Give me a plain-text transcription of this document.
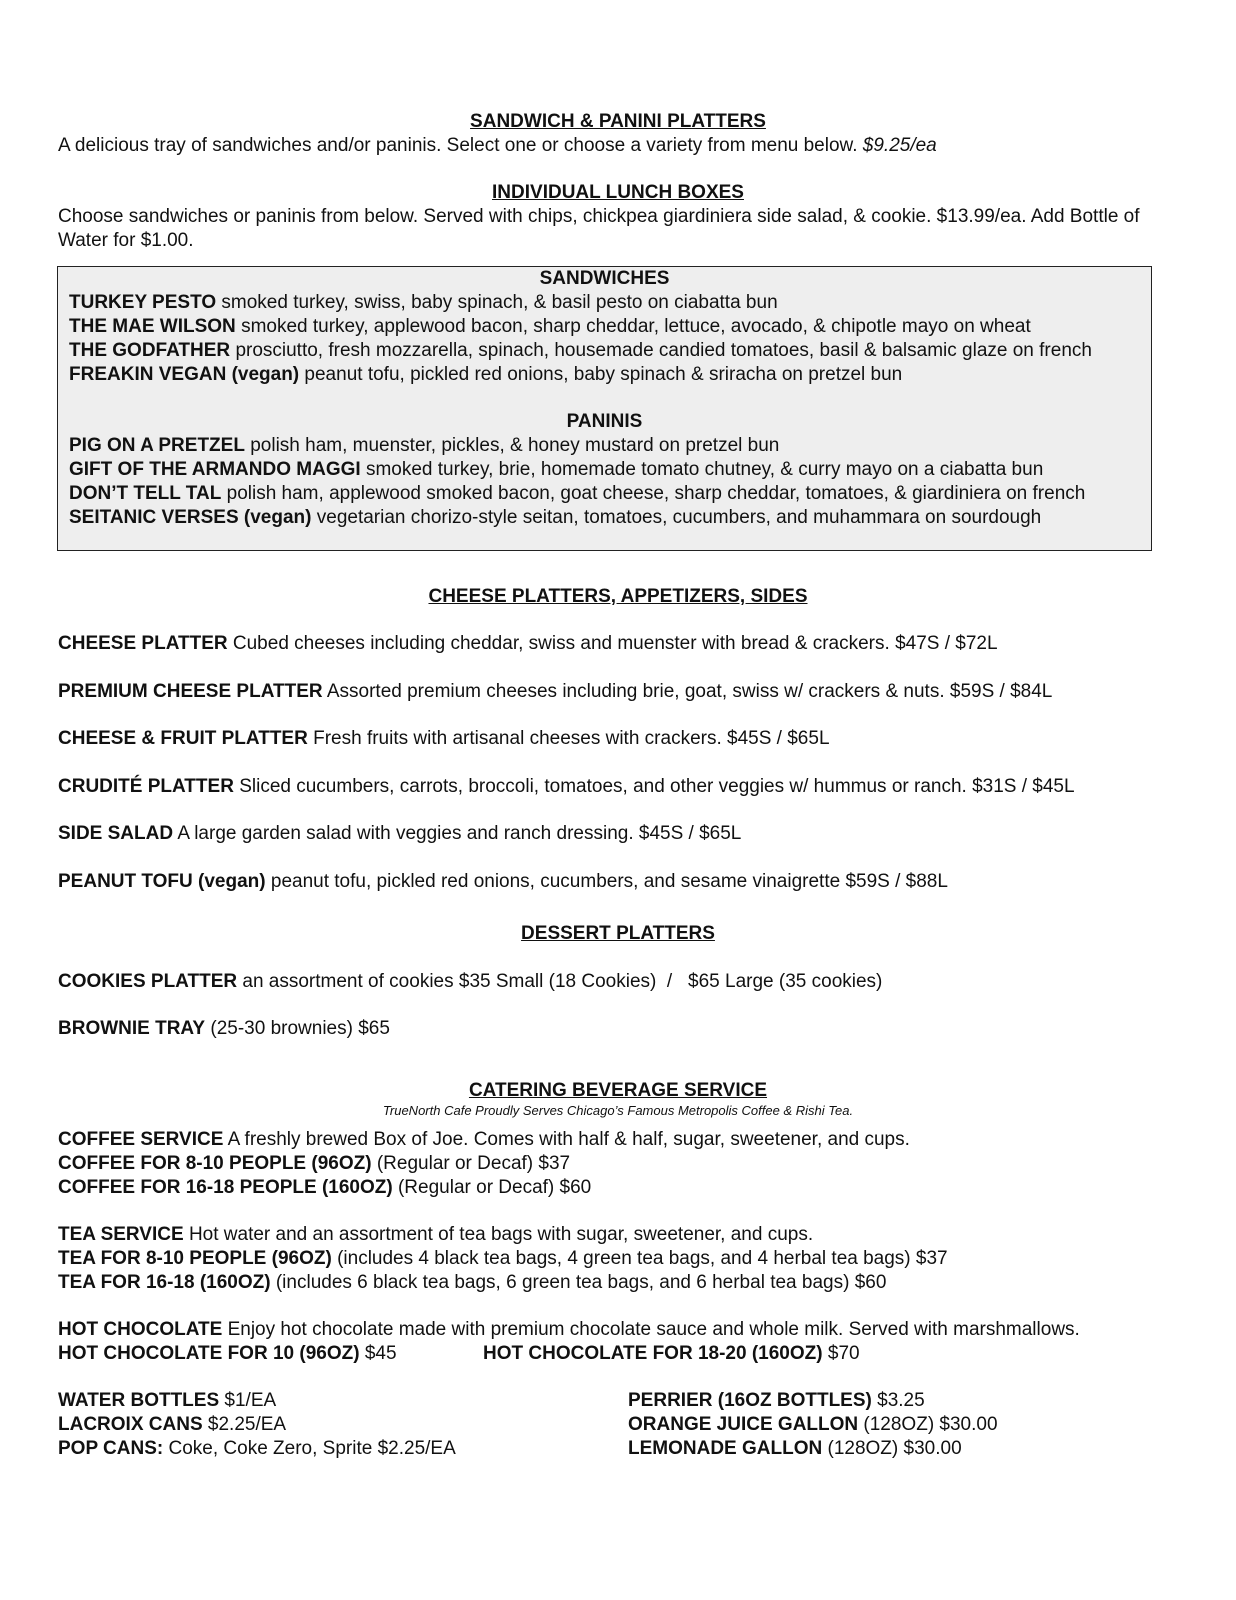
SANDWICH & PANINI PLATTERS
A delicious tray of sandwiches and/or paninis. Select one or choose a variety from menu below. $9.25/ea
INDIVIDUAL LUNCH BOXES
Choose sandwiches or paninis from below. Served with chips, chickpea giardiniera side salad, & cookie. $13.99/ea. Add Bottle of Water for $1.00.
SANDWICHES
TURKEY PESTO smoked turkey, swiss, baby spinach, & basil pesto on ciabatta bun
THE MAE WILSON smoked turkey, applewood bacon, sharp cheddar, lettuce, avocado, & chipotle mayo on wheat
THE GODFATHER prosciutto, fresh mozzarella, spinach, housemade candied tomatoes, basil & balsamic glaze on french
FREAKIN VEGAN (vegan) peanut tofu, pickled red onions, baby spinach & sriracha on pretzel bun
PANINIS
PIG ON A PRETZEL polish ham, muenster, pickles, & honey mustard on pretzel bun
GIFT OF THE ARMANDO MAGGI smoked turkey, brie, homemade tomato chutney, & curry mayo on a ciabatta bun
DON’T TELL TAL polish ham, applewood smoked bacon, goat cheese, sharp cheddar, tomatoes, & giardiniera on french
SEITANIC VERSES (vegan) vegetarian chorizo-style seitan, tomatoes, cucumbers, and muhammara on sourdough
CHEESE PLATTERS, APPETIZERS, SIDES
CHEESE PLATTER Cubed cheeses including cheddar, swiss and muenster with bread & crackers. $47S / $72L
PREMIUM CHEESE PLATTER Assorted premium cheeses including brie, goat, swiss w/ crackers & nuts. $59S / $84L
CHEESE & FRUIT PLATTER Fresh fruits with artisanal cheeses with crackers. $45S / $65L
CRUDITÉ PLATTER Sliced cucumbers, carrots, broccoli, tomatoes, and other veggies w/ hummus or ranch. $31S / $45L
SIDE SALAD A large garden salad with veggies and ranch dressing. $45S / $65L
PEANUT TOFU (vegan) peanut tofu, pickled red onions, cucumbers, and sesame vinaigrette $59S / $88L
DESSERT PLATTERS
COOKIES PLATTER an assortment of cookies $35 Small (18 Cookies)  /   $65 Large (35 cookies)
BROWNIE TRAY (25-30 brownies) $65
CATERING BEVERAGE SERVICE
TrueNorth Cafe Proudly Serves Chicago’s Famous Metropolis Coffee & Rishi Tea.
COFFEE SERVICE A freshly brewed Box of Joe. Comes with half & half, sugar, sweetener, and cups.
COFFEE FOR 8-10 PEOPLE (96OZ) (Regular or Decaf) $37
COFFEE FOR 16-18 PEOPLE (160OZ) (Regular or Decaf) $60
TEA SERVICE Hot water and an assortment of tea bags with sugar, sweetener, and cups.
TEA FOR 8-10 PEOPLE (96OZ) (includes 4 black tea bags, 4 green tea bags, and 4 herbal tea bags) $37
TEA FOR 16-18 (160OZ) (includes 6 black tea bags, 6 green tea bags, and 6 herbal tea bags) $60
HOT CHOCOLATE Enjoy hot chocolate made with premium chocolate sauce and whole milk. Served with marshmallows.
HOT CHOCOLATE FOR 10 (96OZ) $45	HOT CHOCOLATE FOR 18-20 (160OZ) $70
WATER BOTTLES $1/EA
LACROIX CANS $2.25/EA
POP CANS: Coke, Coke Zero, Sprite $2.25/EA
PERRIER (16OZ BOTTLES) $3.25
ORANGE JUICE GALLON (128OZ) $30.00
LEMONADE GALLON (128OZ) $30.00
